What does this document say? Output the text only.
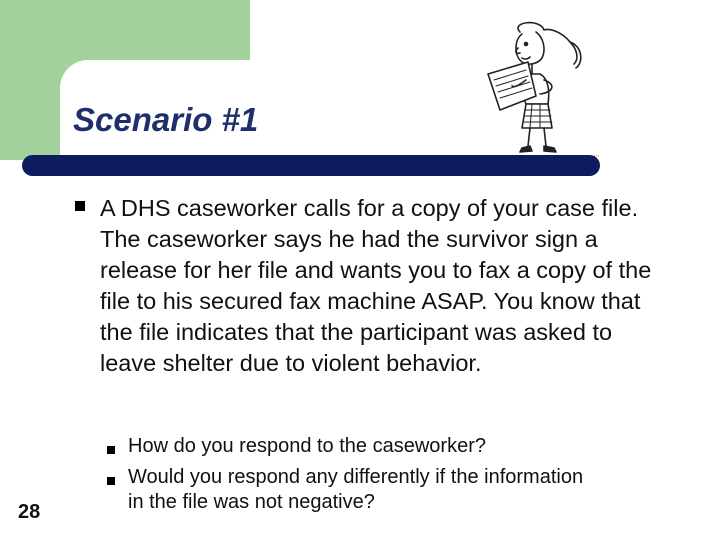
Scenario #1

A DHS caseworker calls for a copy of your case file. The caseworker says he had the survivor sign a release for her file and wants you to fax a copy of the file to his secured fax machine ASAP. You know that the file indicates that the participant was asked to leave shelter due to violent behavior.

How do you respond to the caseworker?
Would you respond any differently if the information in the file was not negative?
28
